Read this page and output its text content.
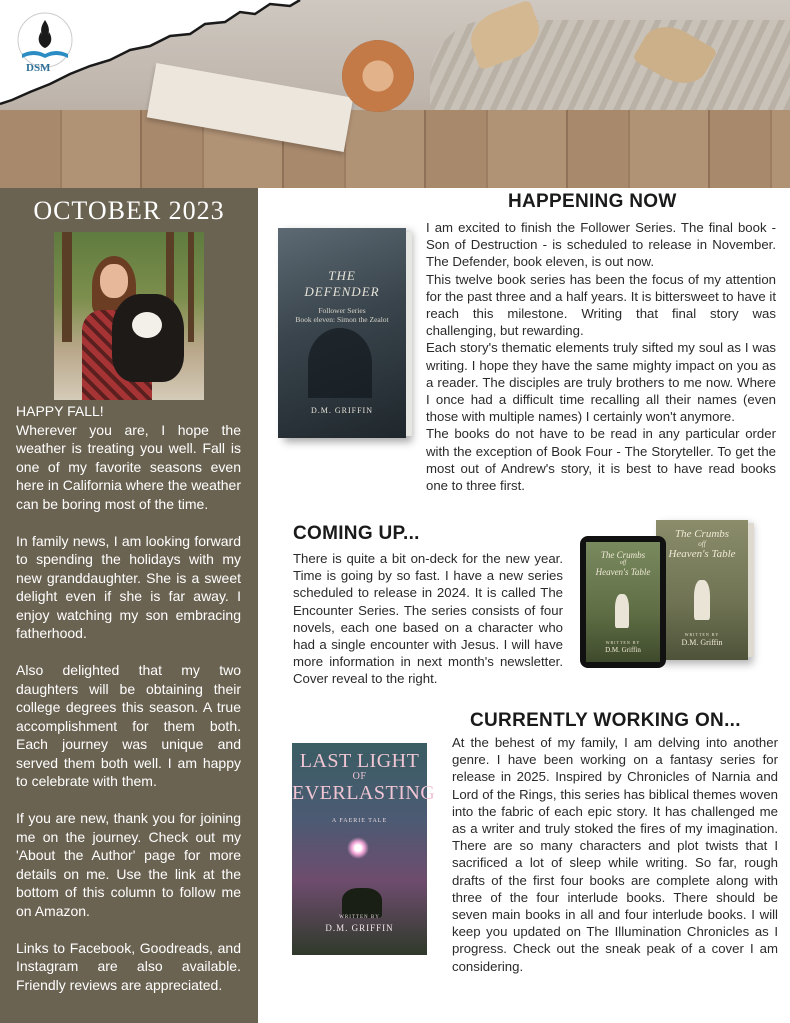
DSM
OCTOBER 2023

HAPPY FALL!

Wherever you are, I hope the weather is treating you well. Fall is one of my favorite seasons even here in California where the weather can be boring most of the time.

In family news, I am looking forward to spending the holidays with my new granddaughter. She is a sweet delight even if she is far away. I enjoy watching my son embracing fatherhood.

Also delighted that my two daughters will be obtaining their college degrees this season. A true accomplishment for them both. Each journey was unique and served them both well. I am happy to celebrate with them.

If you are new, thank you for joining me on the journey. Check out my 'About the Author' page for more details on me. Use the link at the bottom of this column to follow me on Amazon.

Links to Facebook, Goodreads, and Instagram are also available. Friendly reviews are appreciated.

HAPPENING NOW
THE
DEFENDER
Follower Series
Book eleven: Simon the Zealot
D.M. GRIFFIN

I am excited to finish the Follower Series. The final book - Son of Destruction - is scheduled to release in November. The Defender, book eleven, is out now.

This twelve book series has been the focus of my attention for the past three and a half years. It is bittersweet to have it reach this milestone. Writing that final story was challenging, but rewarding.

Each story's thematic elements truly sifted my soul as I was writing. I hope they have the same mighty impact on you as a reader. The disciples are truly brothers to me now. Where I once had a difficult time recalling all their names (even those with multiple names) I certainly won't anymore.

The books do not have to be read in any particular order with the exception of Book Four - The Storyteller. To get the most out of Andrew's story, it is best to have read books one to three first.

COMING UP...

There is quite a bit on-deck for the new year. Time is going by so fast. I have a new series scheduled to release in 2024. It is called The Encounter Series. The series consists of four novels, each one based on a character who had a single encounter with Jesus. I will have more information in next month's newsletter. Cover reveal to the right.

The Crumbs
off
Heaven's Table
WRITTEN BY
D.M. Griffin
The Crumbs
off
Heaven's Table
WRITTEN BY
D.M. Griffin
CURRENTLY WORKING ON...
LAST LIGHT
OF
EVERLASTING
A FAERIE TALE
WRITTEN BY
D.M. GRIFFIN

At the behest of my family, I am delving into another genre. I have been working on a fantasy series for release in 2025. Inspired by Chronicles of Narnia and Lord of the Rings, this series has biblical themes woven into the fabric of each epic story. It has challenged me as a writer and truly stoked the fires of my imagination. There are so many characters and plot twists that I sacrificed a lot of sleep while writing. So far, rough drafts of the first four books are complete along with three of the four interlude books. There should be seven main books in all and four interlude books. I will keep you updated on The Illumination Chronicles as I progress. Check out the sneak peak of a cover I am considering.
